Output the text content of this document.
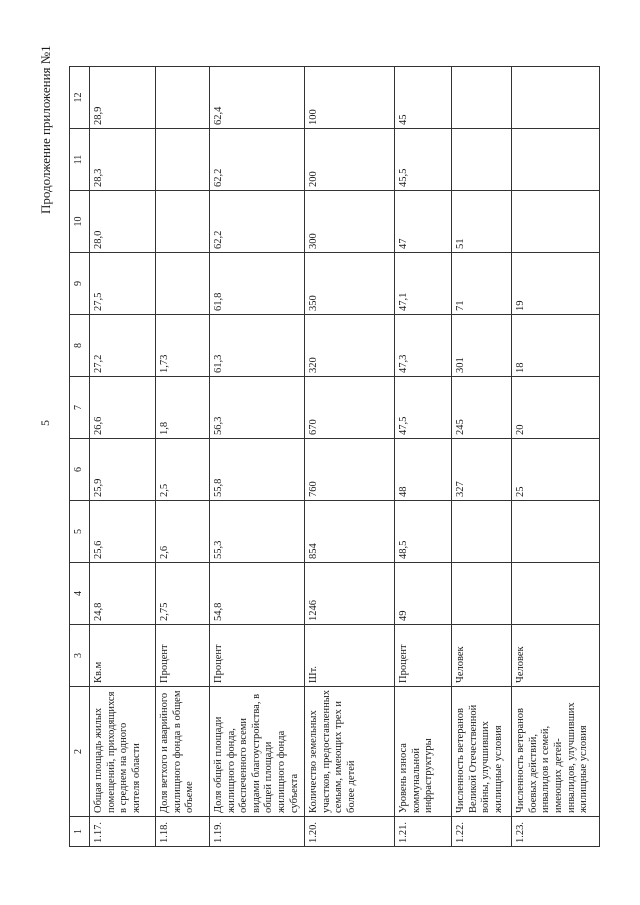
5
Продолжение приложения №1
1	2	3	4	5	6	7	8	9	10	11	12
1.17.	Общая площадь жилых помещений, приходящихся в среднем на одного жителя области	Кв.м	24,8	25,6	25,9	26,6	27,2	27,5	28,0	28,3	28,9
1.18.	Доля ветхого и аварийного жилищного фонда в общем объеме	Процент	2,75	2,6	2,5	1,8	1,73				
1.19.	Доля общей площади жилищного фонда, обеспеченного всеми видами благоустройства, в общей площади жилищного фонда субъекта	Процент	54,8	55,3	55,8	56,3	61,3	61,8	62,2	62,2	62,4
1.20.	Количество земельных участков, предоставленных семьям, имеющих трех и более детей	Шт.	1246	854	760	670	320	350	300	200	100
1.21.	Уровень износа коммунальной инфраструктуры	Процент	49	48,5	48	47,5	47,3	47,1	47	45,5	45
1.22.	Численность ветеранов Великой Отечественной войны, улучшивших жилищные условия	Человек			327	245	301	71	51		
1.23.	Численность ветеранов боевых действий, инвалидов и семей, имеющих детей-инвалидов, улучшивших жилищные условия	Человек			25	20	18	19			
